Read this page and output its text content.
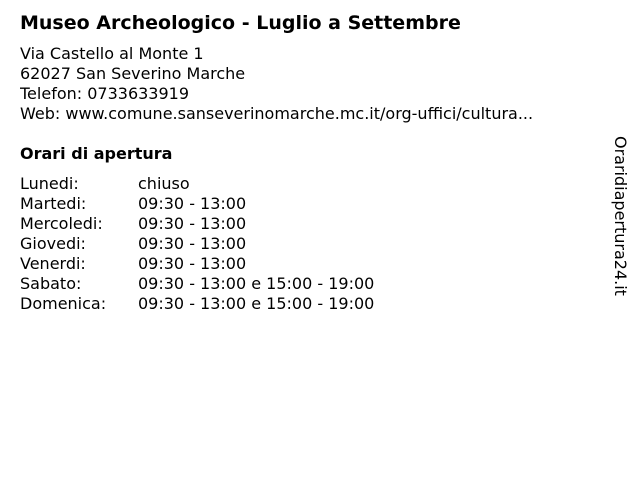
Museo Archeologico - Luglio a Settembre
Via Castello al Monte 1
62027 San Severino Marche
Telefon: 0733633919
Web: www.comune.sanseverinomarche.mc.it/org-uffici/cultura...
Orari di apertura
Lunedi:	chiuso
Martedi:	09:30 - 13:00
Mercoledi:	09:30 - 13:00
Giovedi:	09:30 - 13:00
Venerdi:	09:30 - 13:00
Sabato:	09:30 - 13:00 e 15:00 - 19:00
Domenica:	09:30 - 13:00 e 15:00 - 19:00
Oraridiapertura24.it
